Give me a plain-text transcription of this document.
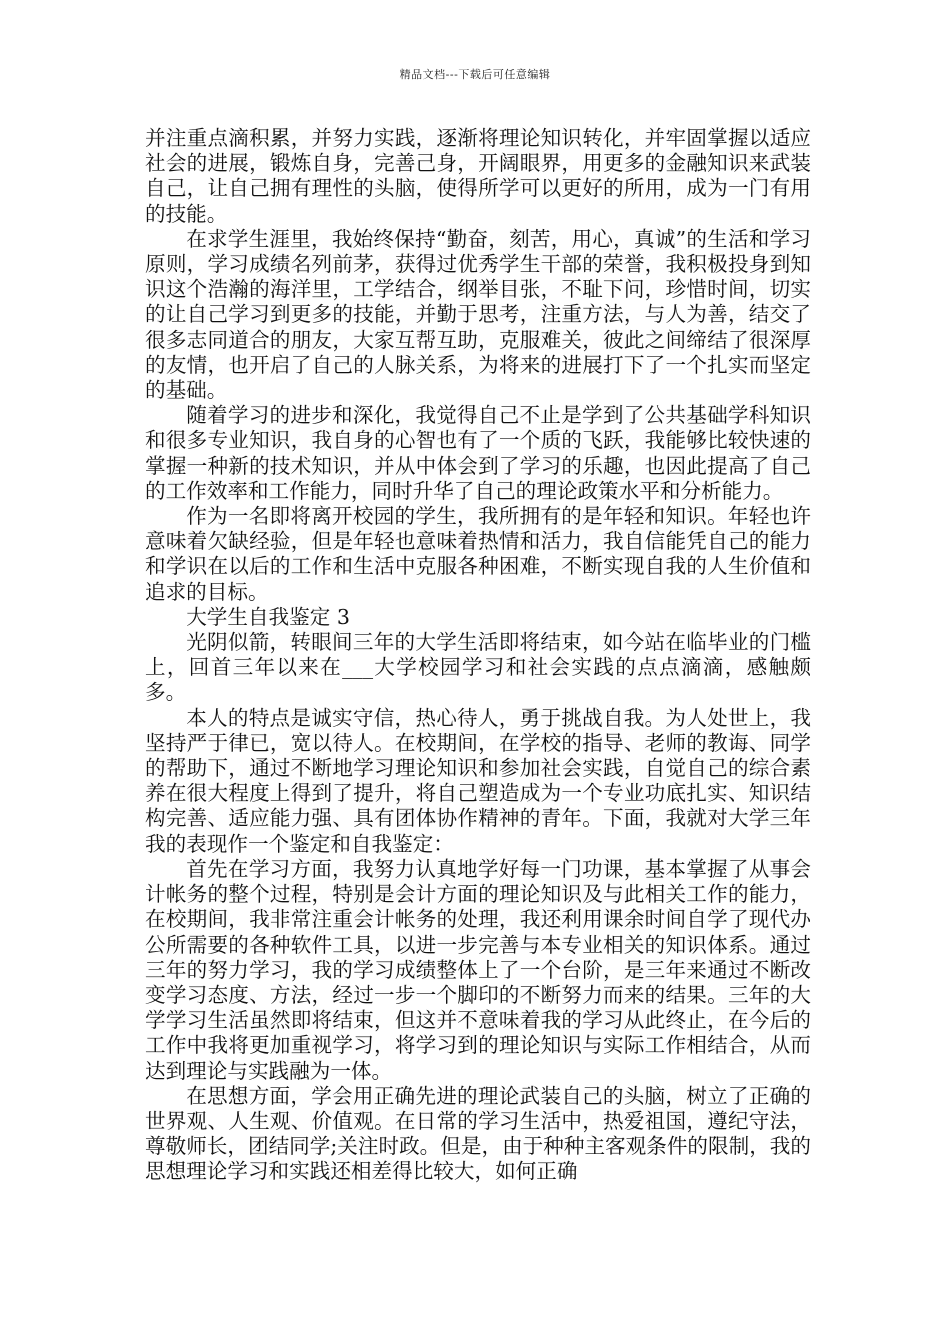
精品文档---下载后可任意编辑

并注重点滴积累，并努力实践，逐渐将理论知识转化，并牢固掌握以适应社会的进展，锻炼自身，完善己身，开阔眼界，用更多的金融知识来武装自己，让自己拥有理性的头脑，使得所学可以更好的所用，成为一门有用的技能。

在求学生涯里，我始终保持“勤奋，刻苦，用心，真诚”的生活和学习原则，学习成绩名列前茅，获得过优秀学生干部的荣誉，我积极投身到知识这个浩瀚的海洋里，工学结合，纲举目张，不耻下问，珍惜时间，切实的让自己学习到更多的技能，并勤于思考，注重方法，与人为善，结交了很多志同道合的朋友，大家互帮互助，克服难关，彼此之间缔结了很深厚的友情，也开启了自己的人脉关系，为将来的进展打下了一个扎实而坚定的基础。

随着学习的进步和深化，我觉得自己不止是学到了公共基础学科知识和很多专业知识，我自身的心智也有了一个质的飞跃，我能够比较快速的掌握一种新的技术知识，并从中体会到了学习的乐趣，也因此提高了自己的工作效率和工作能力，同时升华了自己的理论政策水平和分析能力。

作为一名即将离开校园的学生，我所拥有的是年轻和知识。年轻也许意味着欠缺经验，但是年轻也意味着热情和活力，我自信能凭自己的能力和学识在以后的工作和生活中克服各种困难，不断实现自我的人生价值和追求的目标。

大学生自我鉴定 3

光阴似箭，转眼间三年的大学生活即将结束，如今站在临毕业的门槛上，回首三年以来在___大学校园学习和社会实践的点点滴滴，感触颇多。

本人的特点是诚实守信，热心待人，勇于挑战自我。为人处世上，我坚持严于律已，宽以待人。在校期间，在学校的指导、老师的教诲、同学的帮助下，通过不断地学习理论知识和参加社会实践，自觉自己的综合素养在很大程度上得到了提升，将自己塑造成为一个专业功底扎实、知识结构完善、适应能力强、具有团体协作精神的青年。下面，我就对大学三年我的表现作一个鉴定和自我鉴定：

首先在学习方面，我努力认真地学好每一门功课，基本掌握了从事会计帐务的整个过程，特别是会计方面的理论知识及与此相关工作的能力，在校期间，我非常注重会计帐务的处理，我还利用课余时间自学了现代办公所需要的各种软件工具，以进一步完善与本专业相关的知识体系。通过三年的努力学习，我的学习成绩整体上了一个台阶，是三年来通过不断改变学习态度、方法，经过一步一个脚印的不断努力而来的结果。三年的大学学习生活虽然即将结束，但这并不意味着我的学习从此终止，在今后的工作中我将更加重视学习，将学习到的理论知识与实际工作相结合，从而达到理论与实践融为一体。

在思想方面，学会用正确先进的理论武装自己的头脑，树立了正确的世界观、人生观、价值观。在日常的学习生活中，热爱祖国，遵纪守法，尊敬师长，团结同学;关注时政。但是，由于种种主客观条件的限制，我的思想理论学习和实践还相差得比较大，如何正确
